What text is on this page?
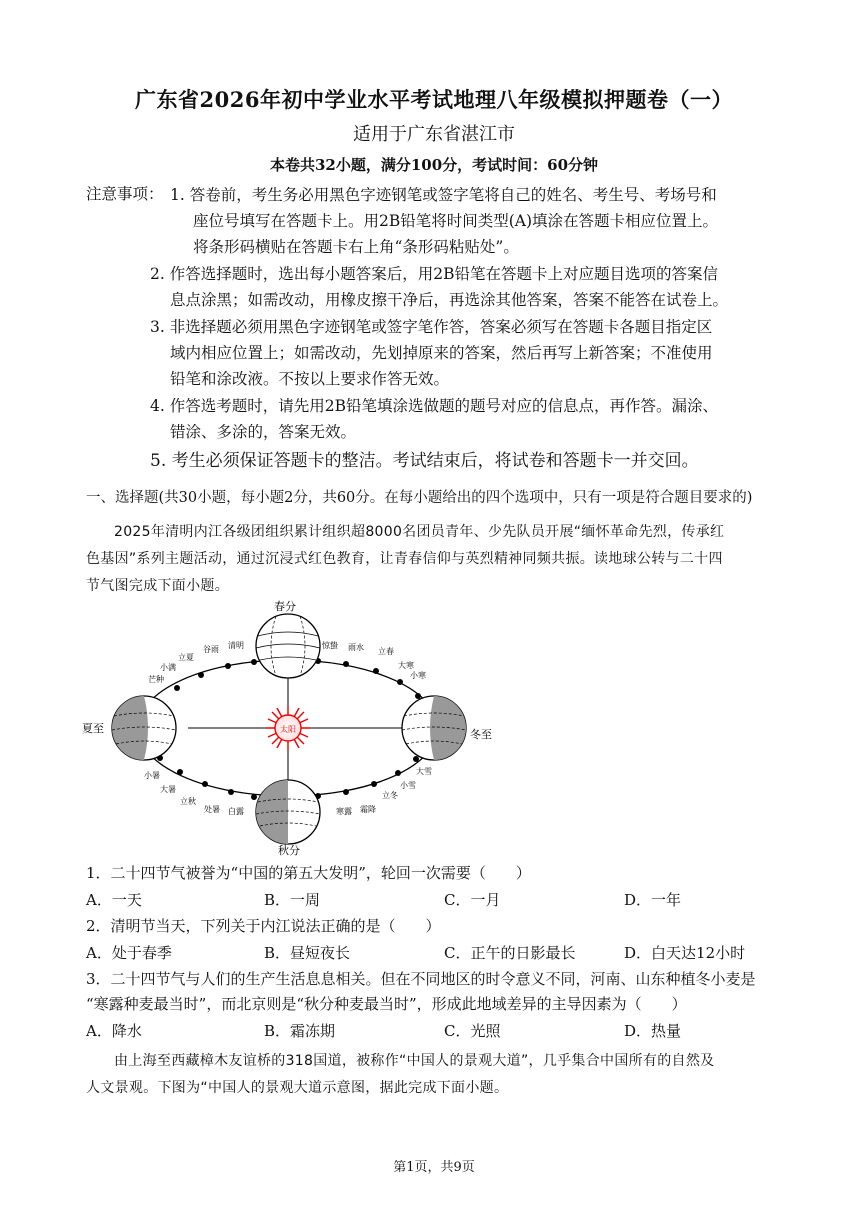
广东省2026年初中学业水平考试地理八年级模拟押题卷（一）
适用于广东省湛江市
本卷共32小题，满分100分，考试时间：60分钟
注意事项： 1. 答卷前，考生务必用黑色字迹钢笔或签字笔将自己的姓名、考生号、考场号和
座位号填写在答题卡上。用2B铅笔将时间类型(A)填涂在答题卡相应位置上。
将条形码横贴在答题卡右上角“条形码粘贴处”。
2. 作答选择题时，选出每小题答案后，用2B铅笔在答题卡上对应题目选项的答案信
息点涂黑；如需改动，用橡皮擦干净后，再选涂其他答案，答案不能答在试卷上。
3. 非选择题必须用黑色字迹钢笔或签字笔作答，答案必须写在答题卡各题目指定区
域内相应位置上；如需改动，先划掉原来的答案，然后再写上新答案；不准使用
铅笔和涂改液。不按以上要求作答无效。
4. 作答选考题时，请先用2B铅笔填涂选做题的题号对应的信息点，再作答。漏涂、
错涂、多涂的，答案无效。
5. 考生必须保证答题卡的整洁。考试结束后，将试卷和答题卡一并交回。
一、选择题(共30小题，每小题2分，共60分。在每小题给出的四个选项中，只有一项是符合题目要求的)
2025年清明内江各级团组织累计组织超8000名团员青年、少先队员开展“缅怀革命先烈，传承红
色基因”系列主题活动，通过沉浸式红色教育，让青春信仰与英烈精神同频共振。读地球公转与二十四
节气图完成下面小题。
太阳
春分
夏至	冬至
秋分
清明
谷雨
立夏
小满
芒种
小暑
大暑
立秋
处暑 白露	寒露 霜降
立冬
小雪
大雪
小寒
大寒
立春
雨水
惊蛰
1．二十四节气被誉为“中国的第五大发明”，轮回一次需要（　　）
A．一天	B．一周	C．一月	D．一年
2．清明节当天，下列关于内江说法正确的是（　　）
A．处于春季	B．昼短夜长	C．正午的日影最长	D．白天达12小时
3．二十四节气与人们的生产生活息息相关。但在不同地区的时令意义不同，河南、山东种植冬小麦是
“寒露种麦最当时”，而北京则是“秋分种麦最当时”，形成此地域差异的主导因素为（　　）
A．降水	B．霜冻期	C．光照	D．热量
由上海至西藏樟木友谊桥的318国道，被称作“中国人的景观大道”，几乎集合中国所有的自然及
人文景观。下图为“中国人的景观大道示意图，据此完成下面小题。
第1页，共9页
